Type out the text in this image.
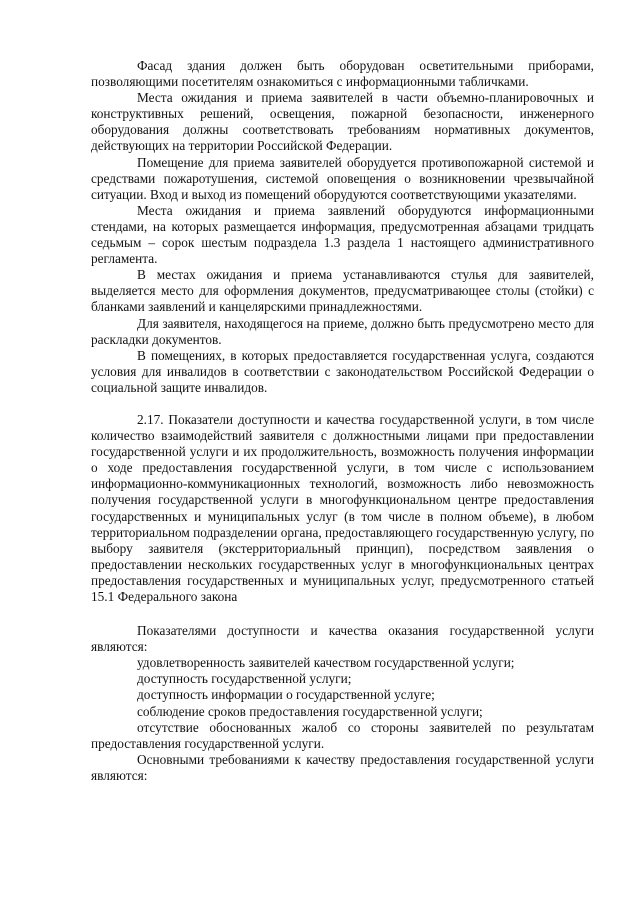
Фасад здания должен быть оборудован осветительными приборами, позволяющими посетителям ознакомиться с информационными табличками.

Места ожидания и приема заявителей в части объемно-планировочных и конструктивных решений, освещения, пожарной безопасности, инженерного оборудования должны соответствовать требованиям нормативных документов, действующих на территории Российской Федерации.

Помещение для приема заявителей оборудуется противопожарной системой и средствами пожаротушения, системой оповещения о возникновении чрезвычайной ситуации. Вход и выход из помещений оборудуются соответствующими указателями.

Места ожидания и приема заявлений оборудуются информационными стендами, на которых размещается информация, предусмотренная абзацами тридцать седьмым – сорок шестым подраздела 1.3 раздела 1 настоящего административного регламента.

В местах ожидания и приема устанавливаются стулья для заявителей, выделяется место для оформления документов, предусматривающее столы (стойки) с бланками заявлений и канцелярскими принадлежностями.

Для заявителя, находящегося на приеме, должно быть предусмотрено место для раскладки документов.

В помещениях, в которых предоставляется государственная услуга, создаются условия для инвалидов в соответствии с законодательством Российской Федерации о социальной защите инвалидов.

2.17. Показатели доступности и качества государственной услуги, в том числе количество взаимодействий заявителя с должностными лицами при предоставлении государственной услуги и их продолжительность, возможность получения информации о ходе предоставления государственной услуги, в том числе с использованием информационно-коммуникационных технологий, возможность либо невозможность получения государственной услуги в многофункциональном центре предоставления государственных и муниципальных услуг (в том числе в полном объеме), в любом территориальном подразделении органа, предоставляющего государственную услугу, по выбору заявителя (экстерриториальный принцип), посредством заявления о предоставлении нескольких государственных услуг в многофункциональных центрах предоставления государственных и муниципальных услуг, предусмотренного статьей 15.1 Федерального закона

Показателями доступности и качества оказания государственной услуги являются:

удовлетворенность заявителей качеством государственной услуги;

доступность государственной услуги;

доступность информации о государственной услуге;

соблюдение сроков предоставления государственной услуги;

отсутствие обоснованных жалоб со стороны заявителей по результатам предоставления государственной услуги.

Основными требованиями к качеству предоставления государственной услуги являются:
